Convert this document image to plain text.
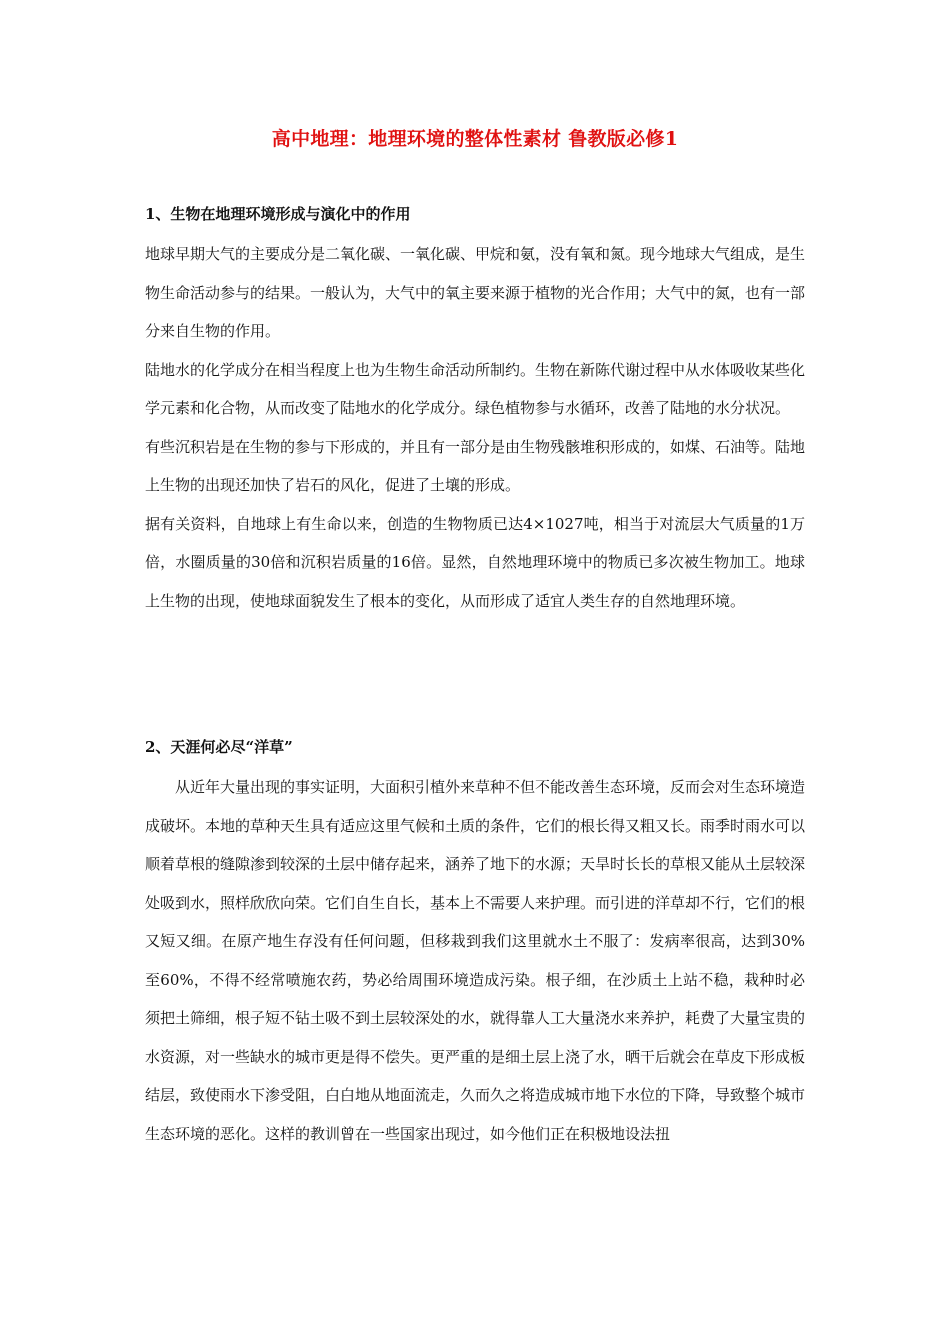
高中地理：地理环境的整体性素材 鲁教版必修1
1、生物在地理环境形成与演化中的作用

地球早期大气的主要成分是二氧化碳、一氧化碳、甲烷和氨，没有氧和氮。现今地球大气组成，是生物生命活动参与的结果。一般认为，大气中的氧主要来源于植物的光合作用；大气中的氮，也有一部分来自生物的作用。

陆地水的化学成分在相当程度上也为生物生命活动所制约。生物在新陈代谢过程中从水体吸收某些化学元素和化合物，从而改变了陆地水的化学成分。绿色植物参与水循环，改善了陆地的水分状况。

有些沉积岩是在生物的参与下形成的，并且有一部分是由生物残骸堆积形成的，如煤、石油等。陆地上生物的出现还加快了岩石的风化，促进了土壤的形成。

据有关资料，自地球上有生命以来，创造的生物物质已达4×1027吨，相当于对流层大气质量的1万倍，水圈质量的30倍和沉积岩质量的16倍。显然，自然地理环境中的物质已多次被生物加工。地球上生物的出现，使地球面貌发生了根本的变化，从而形成了适宜人类生存的自然地理环境。

2、天涯何必尽“洋草”

从近年大量出现的事实证明，大面积引植外来草种不但不能改善生态环境，反而会对生态环境造成破坏。本地的草种天生具有适应这里气候和土质的条件，它们的根长得又粗又长。雨季时雨水可以顺着草根的缝隙渗到较深的土层中储存起来，涵养了地下的水源；天旱时长长的草根又能从土层较深处吸到水，照样欣欣向荣。它们自生自长，基本上不需要人来护理。而引进的洋草却不行，它们的根又短又细。在原产地生存没有任何问题，但移栽到我们这里就水土不服了：发病率很高，达到30%至60%，不得不经常喷施农药，势必给周围环境造成污染。根子细，在沙质土上站不稳，栽种时必须把土筛细，根子短不钻土吸不到土层较深处的水，就得靠人工大量浇水来养护，耗费了大量宝贵的水资源，对一些缺水的城市更是得不偿失。更严重的是细土层上浇了水，晒干后就会在草皮下形成板结层，致使雨水下渗受阻，白白地从地面流走，久而久之将造成城市地下水位的下降，导致整个城市生态环境的恶化。这样的教训曾在一些国家出现过，如今他们正在积极地设法扭
